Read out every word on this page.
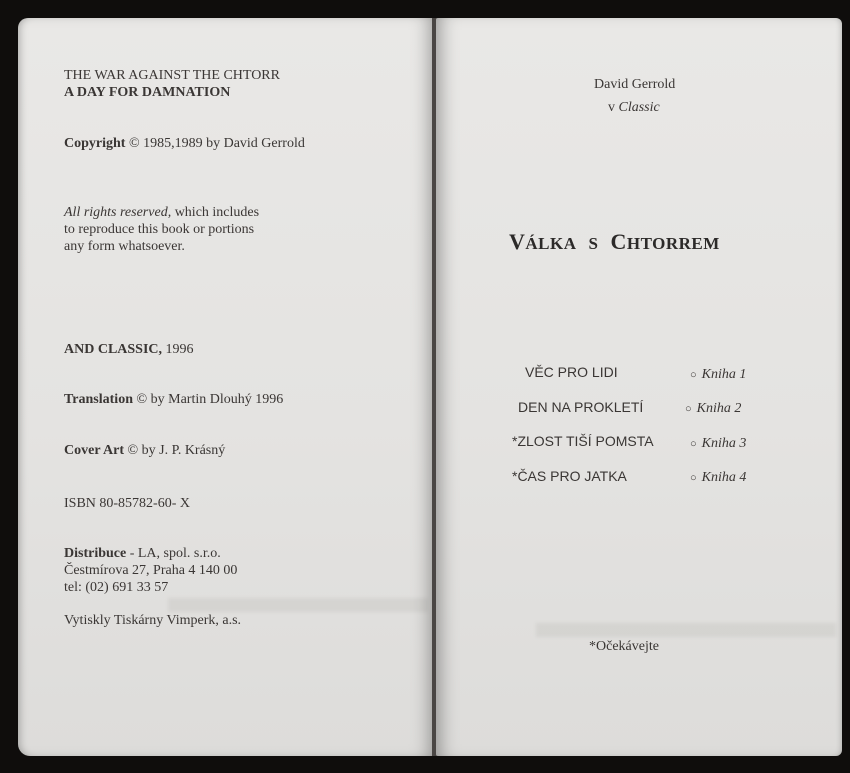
THE WAR AGAINST THE CHTORR
A DAY FOR DAMNATION
Copyright © 1985,1989 by David Gerrold
All rights reserved, which includes
to reproduce this book or portions
any form whatsoever.
AND CLASSIC, 1996
Translation © by Martin Dlouhý 1996
Cover Art © by J. P. Krásný
ISBN 80-85782-60- X
Distribuce - LA, spol. s.r.o.
Čestmírova 27, Praha 4 140 00
tel: (02) 691 33 57
Vytiskly Tiskárny Vimperk, a.s.
David Gerrold
v Classic
VÁLKA S CHTORREM
VĚC PRO LIDI	○ Kniha 1
DEN NA PROKLETÍ	○ Kniha 2
*ZLOST TIŠÍ POMSTA	○ Kniha 3
*ČAS PRO JATKA	○ Kniha 4
*Očekávejte
